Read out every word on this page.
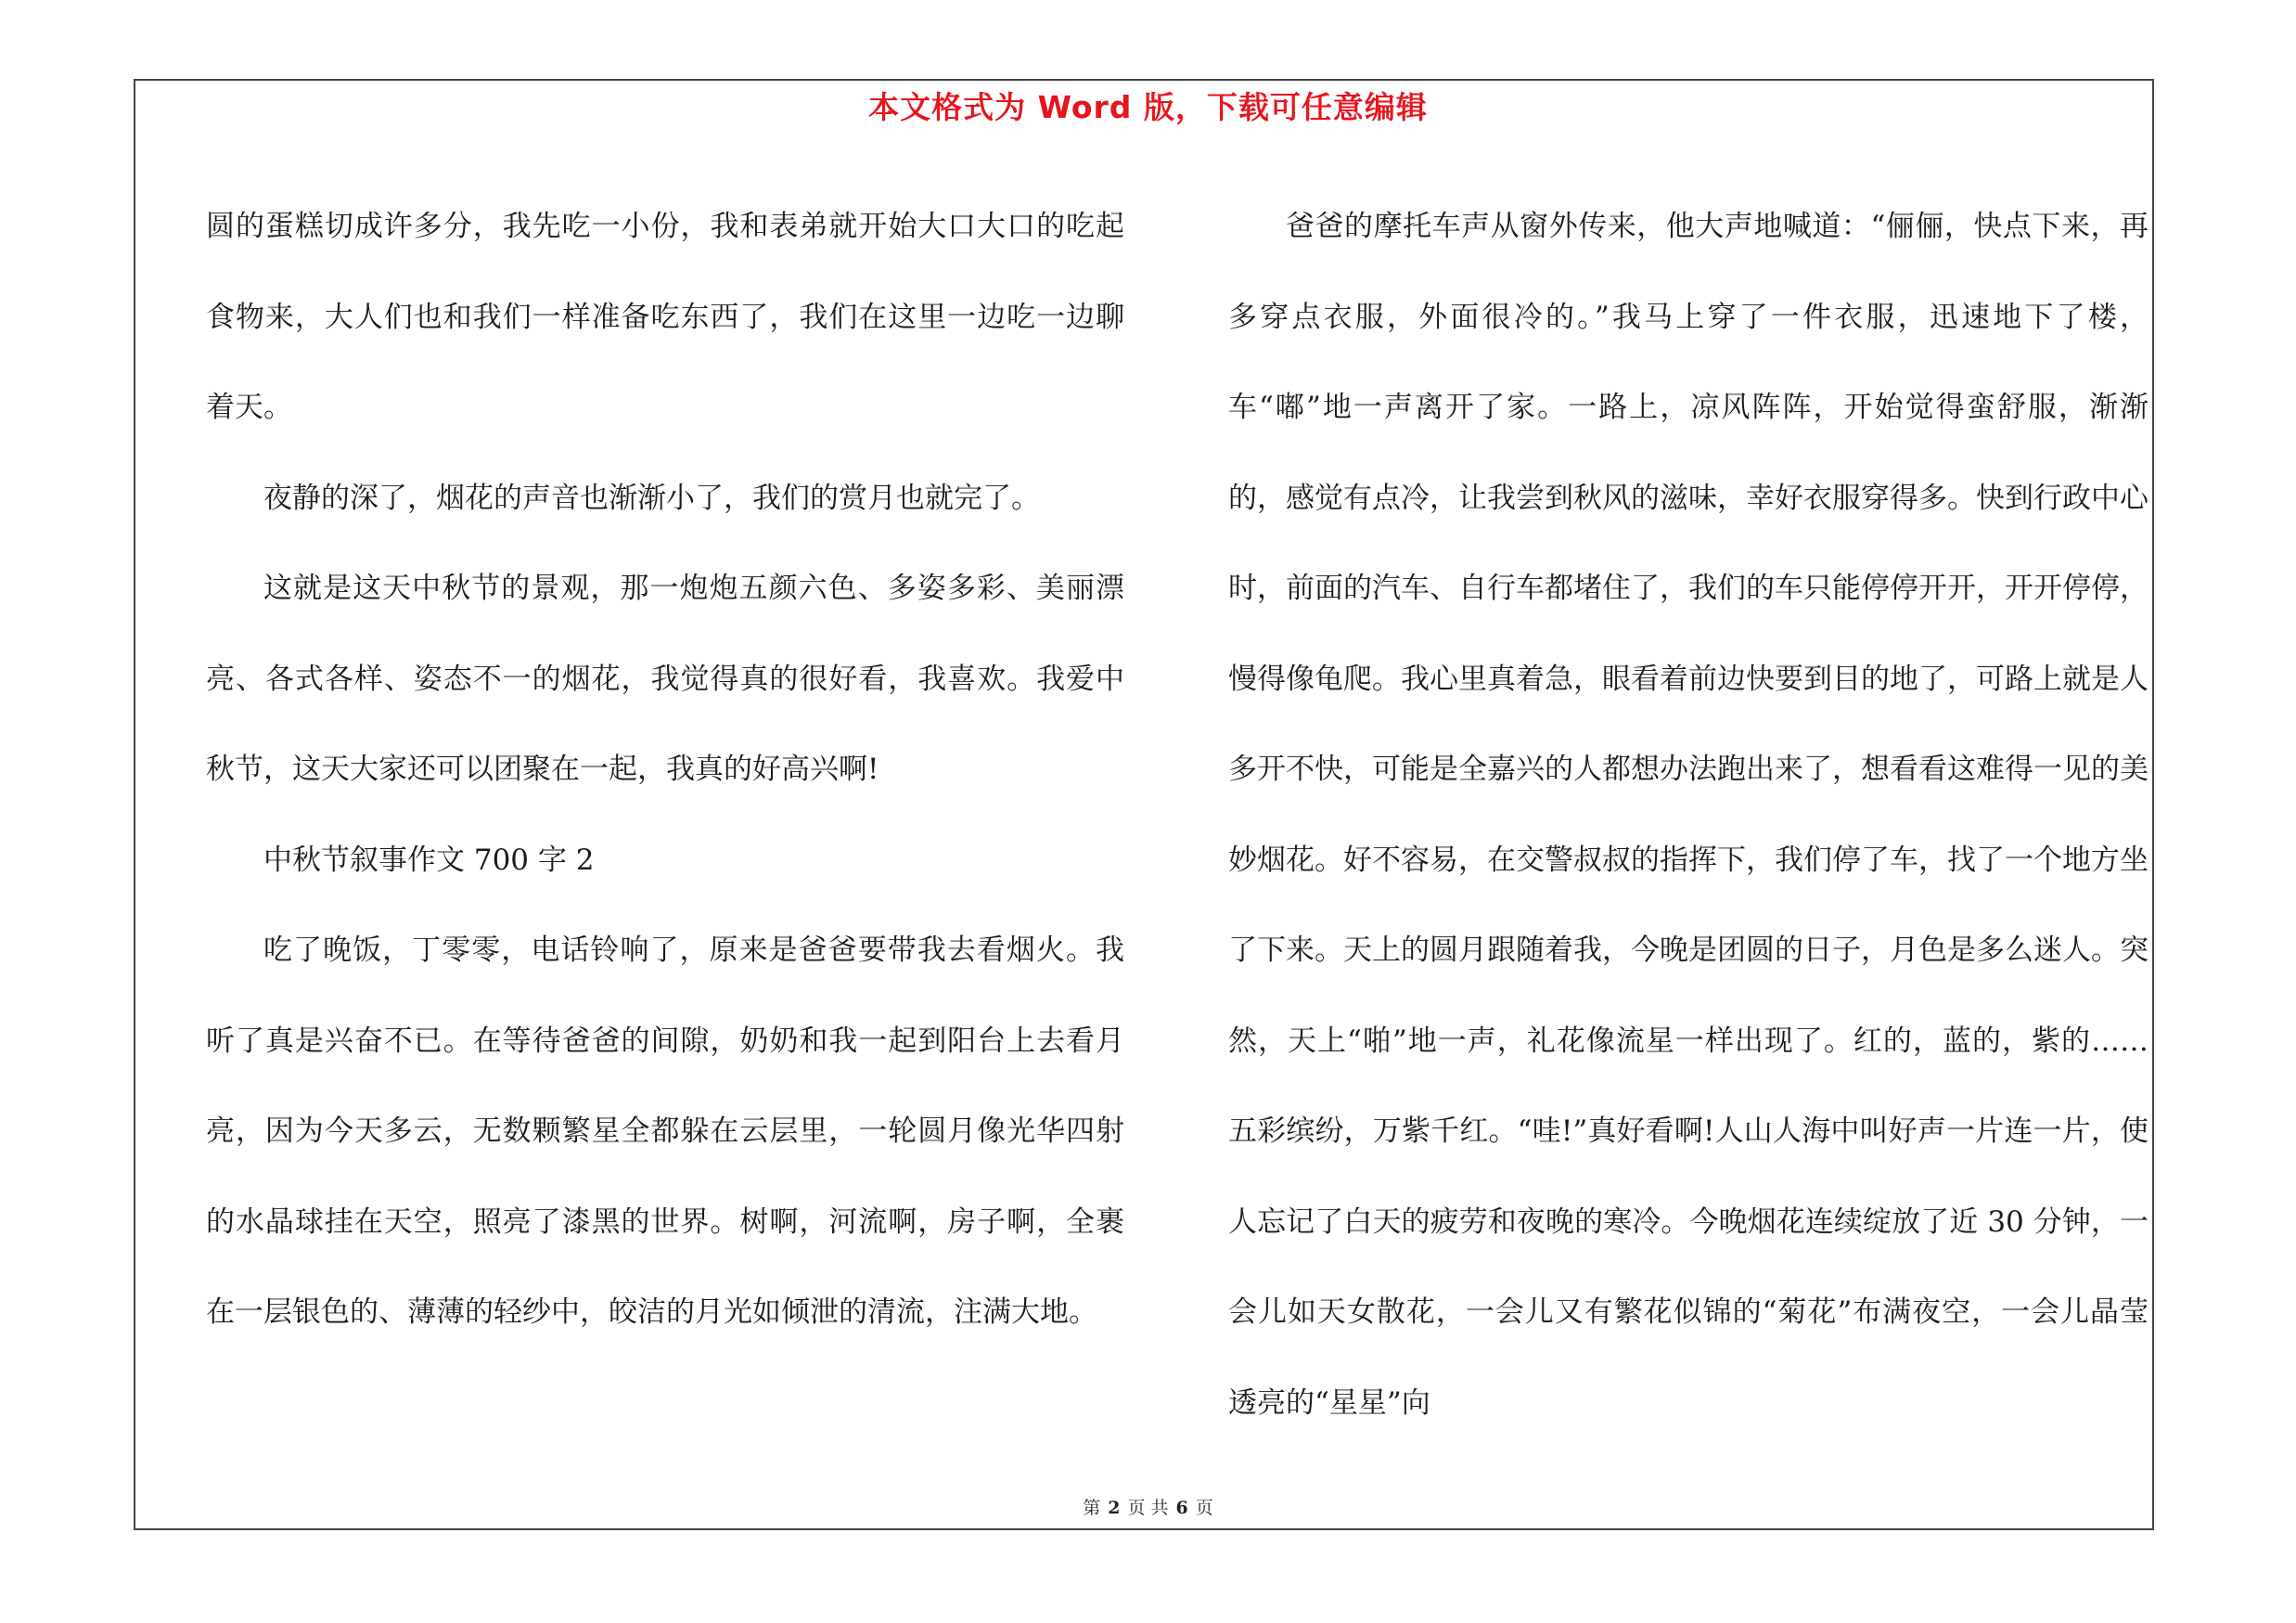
本文格式为 Word 版，下载可任意编辑

圆的蛋糕切成许多分，我先吃一小份，我和表弟就开始大口大口的吃起食物来，大人们也和我们一样准备吃东西了，我们在这里一边吃一边聊着天。

夜静的深了，烟花的声音也渐渐小了，我们的赏月也就完了。

这就是这天中秋节的景观，那一炮炮五颜六色、多姿多彩、美丽漂亮、各式各样、姿态不一的烟花，我觉得真的很好看，我喜欢。我爱中秋节，这天大家还可以团聚在一起，我真的好高兴啊!

中秋节叙事作文 700 字 2

吃了晚饭，丁零零，电话铃响了，原来是爸爸要带我去看烟火。我听了真是兴奋不已。在等待爸爸的间隙，奶奶和我一起到阳台上去看月亮，因为今天多云，无数颗繁星全都躲在云层里，一轮圆月像光华四射的水晶球挂在天空，照亮了漆黑的世界。树啊，河流啊，房子啊，全裹在一层银色的、薄薄的轻纱中，皎洁的月光如倾泄的清流，注满大地。

爸爸的摩托车声从窗外传来，他大声地喊道：“俪俪，快点下来，再多穿点衣服，外面很冷的。”我马上穿了一件衣服，迅速地下了楼，车“嘟”地一声离开了家。一路上，凉风阵阵，开始觉得蛮舒服，渐渐的，感觉有点冷，让我尝到秋风的滋味，幸好衣服穿得多。快到行政中心时，前面的汽车、自行车都堵住了，我们的车只能停停开开，开开停停，慢得像龟爬。我心里真着急，眼看着前边快要到目的地了，可路上就是人多开不快，可能是全嘉兴的人都想办法跑出来了，想看看这难得一见的美妙烟花。好不容易，在交警叔叔的指挥下，我们停了车，找了一个地方坐了下来。天上的圆月跟随着我，今晚是团圆的日子，月色是多么迷人。突然，天上“啪”地一声，礼花像流星一样出现了。红的，蓝的，紫的……五彩缤纷，万紫千红。“哇!”真好看啊!人山人海中叫好声一片连一片，使人忘记了白天的疲劳和夜晚的寒冷。今晚烟花连续绽放了近 30 分钟，一会儿如天女散花，一会儿又有繁花似锦的“菊花”布满夜空，一会儿晶莹透亮的“星星”向

第 2 页 共 6 页
